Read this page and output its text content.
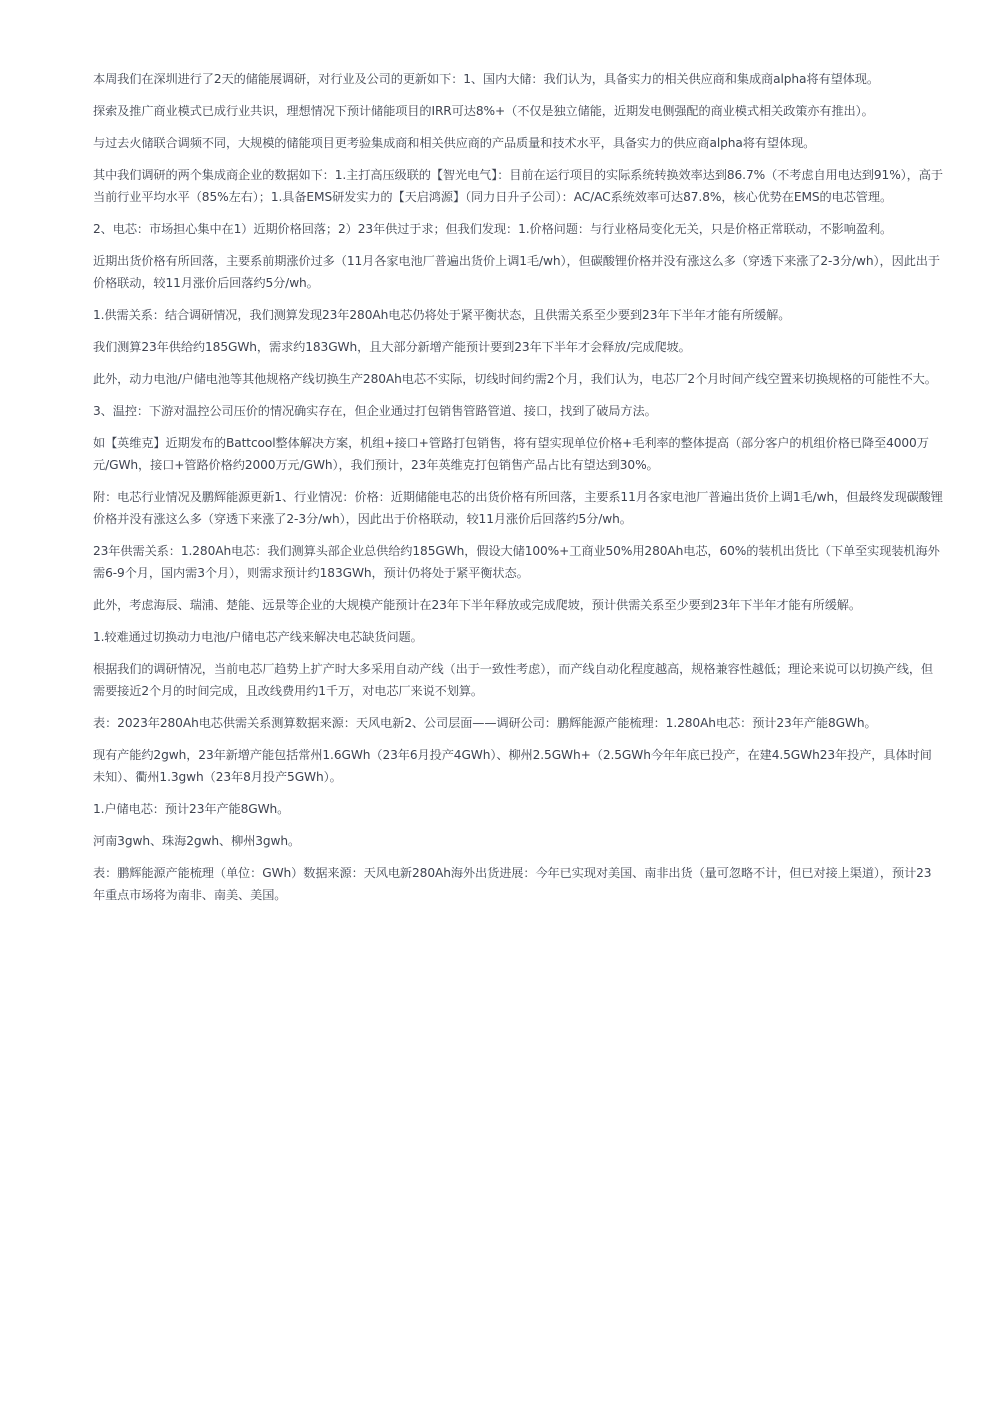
本周我们在深圳进行了2天的储能展调研，对行业及公司的更新如下：1、国内大储：我们认为，具备实力的相关供应商和集成商alpha将有望体现。

探索及推广商业模式已成行业共识，理想情况下预计储能项目的IRR可达8%+（不仅是独立储能，近期发电侧强配的商业模式相关政策亦有推出）。

与过去火储联合调频不同，大规模的储能项目更考验集成商和相关供应商的产品质量和技术水平，具备实力的供应商alpha将有望体现。

其中我们调研的两个集成商企业的数据如下：1.主打高压级联的【智光电气】：目前在运行项目的实际系统转换效率达到86.7%（不考虑自用电达到91%），高于当前行业平均水平（85%左右）；1.具备EMS研发实力的【天启鸿源】（同力日升子公司）：AC/AC系统效率可达87.8%，核心优势在EMS的电芯管理。

2、电芯：市场担心集中在1）近期价格回落；2）23年供过于求；但我们发现：1.价格问题：与行业格局变化无关，只是价格正常联动，不影响盈利。

近期出货价格有所回落，主要系前期涨价过多（11月各家电池厂普遍出货价上调1毛/wh），但碳酸锂价格并没有涨这么多（穿透下来涨了2-3分/wh），因此出于价格联动，较11月涨价后回落约5分/wh。

1.供需关系：结合调研情况，我们测算发现23年280Ah电芯仍将处于紧平衡状态，且供需关系至少要到23年下半年才能有所缓解。

我们测算23年供给约185GWh，需求约183GWh，且大部分新增产能预计要到23年下半年才会释放/完成爬坡。

此外，动力电池/户储电池等其他规格产线切换生产280Ah电芯不实际，切线时间约需2个月，我们认为，电芯厂2个月时间产线空置来切换规格的可能性不大。

3、温控：下游对温控公司压价的情况确实存在，但企业通过打包销售管路管道、接口，找到了破局方法。

如【英维克】近期发布的Battcool整体解决方案，机组+接口+管路打包销售，将有望实现单位价格+毛利率的整体提高（部分客户的机组价格已降至4000万元/GWh，接口+管路价格约2000万元/GWh），我们预计，23年英维克打包销售产品占比有望达到30%。

附：电芯行业情况及鹏辉能源更新1、行业情况：价格：近期储能电芯的出货价格有所回落，主要系11月各家电池厂普遍出货价上调1毛/wh，但最终发现碳酸锂价格并没有涨这么多（穿透下来涨了2-3分/wh），因此出于价格联动，较11月涨价后回落约5分/wh。

23年供需关系：1.280Ah电芯：我们测算头部企业总供给约185GWh，假设大储100%+工商业50%用280Ah电芯，60%的装机出货比（下单至实现装机海外需6-9个月，国内需3个月），则需求预计约183GWh，预计仍将处于紧平衡状态。

此外，考虑海辰、瑞浦、楚能、远景等企业的大规模产能预计在23年下半年释放或完成爬坡，预计供需关系至少要到23年下半年才能有所缓解。

1.较难通过切换动力电池/户储电芯产线来解决电芯缺货问题。

根据我们的调研情况，当前电芯厂趋势上扩产时大多采用自动产线（出于一致性考虑），而产线自动化程度越高，规格兼容性越低；理论来说可以切换产线，但需要接近2个月的时间完成，且改线费用约1千万，对电芯厂来说不划算。

表：2023年280Ah电芯供需关系测算数据来源：天风电新2、公司层面——调研公司：鹏辉能源产能梳理：1.280Ah电芯：预计23年产能8GWh。

现有产能约2gwh，23年新增产能包括常州1.6GWh（23年6月投产4GWh）、柳州2.5GWh+（2.5GWh今年年底已投产，在建4.5GWh23年投产，具体时间未知）、衢州1.3gwh（23年8月投产5GWh）。

1.户储电芯：预计23年产能8GWh。

河南3gwh、珠海2gwh、柳州3gwh。

表：鹏辉能源产能梳理（单位：GWh）数据来源：天风电新280Ah海外出货进展：今年已实现对美国、南非出货（量可忽略不计，但已对接上渠道），预计23年重点市场将为南非、南美、美国。
